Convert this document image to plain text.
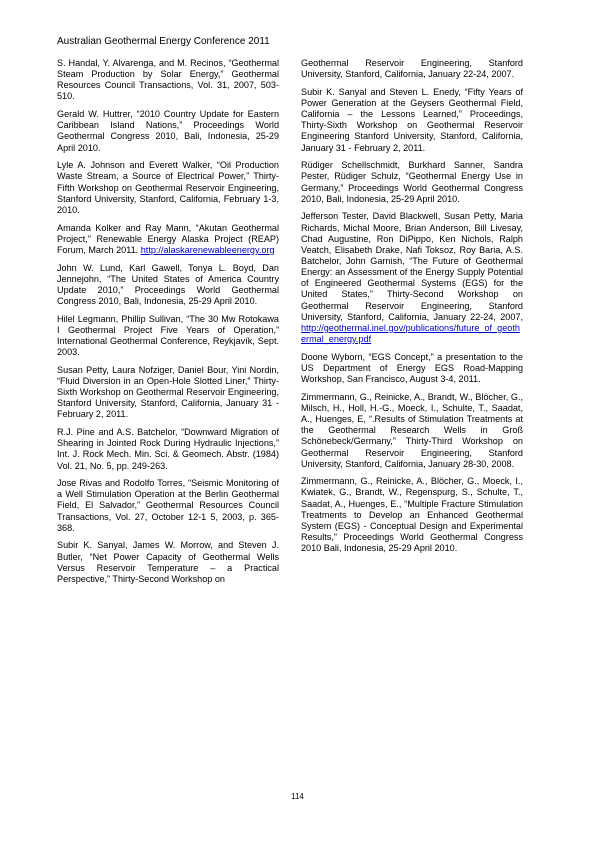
Australian Geothermal Energy Conference 2011

S. Handal, Y. Alvarenga, and M. Recinos, “Geothermal Steam Production by Solar Energy,” Geothermal Resources Council Transactions, Vol. 31, 2007, 503-510.

Gerald W. Huttrer, “2010 Country Update for Eastern Caribbean Island Nations,” Proceedings World Geothermal Congress 2010, Bali, Indonesia, 25-29 April 2010.

Lyle A. Johnson and Everett Walker, “Oil Production Waste Stream, a Source of Electrical Power,” Thirty-Fifth Workshop on Geothermal Reservoir Engineering, Stanford University, Stanford, California, February 1-3, 2010.

Amanda Kolker and Ray Mann, “Akutan Geothermal Project,” Renewable Energy Alaska Project (REAP) Forum, March 2011. http://alaskarenewableenergy.org

John W. Lund, Karl Gawell, Tonya L. Boyd, Dan Jennejohn, “The United States of America Country Update 2010,” Proceedings World Geothermal Congress 2010, Bali, Indonesia, 25-29 April 2010.

Hilel Legmann, Phillip Sullivan, “The 30 Mw Rotokawa I Geothermal Project Five Years of Operation,” International Geothermal Conference, Reykjavík, Sept. 2003.

Susan Petty, Laura Nofziger, Daniel Bour, Yini Nordin, “Fluid Diversion in an Open-Hole Slotted Liner,” Thirty-Sixth Workshop on Geothermal Reservoir Engineering, Stanford University, Stanford, California, January 31 - February 2, 2011.

R.J. Pine and A.S. Batchelor, “Downward Migration of Shearing in Jointed Rock During Hydraulic Injections,” Int. J. Rock Mech. Min. Sci. & Geomech. Abstr. (1984) Vol. 21, No. 5, pp. 249-263.

Jose Rivas and Rodolfo Torres, “Seismic Monitoring of a Well Stimulation Operation at the Berlin Geothermal Field, El Salvador,” Geothermal Resources Council Transactions, Vol. 27, October 12-1 5, 2003, p. 365-368.

Subir K. Sanyal, James W. Morrow, and Steven J. Butler, “Net Power Capacity of Geothermal Wells Versus Reservoir Temperature – a Practical Perspective,” Thirty-Second Workshop on

Geothermal Reservoir Engineering, Stanford University, Stanford, California, January 22-24, 2007.

Subir K. Sanyal and Steven L. Enedy, “Fifty Years of Power Generation at the Geysers Geothermal Field, California – the Lessons Learned,” Proceedings, Thirty-Sixth Workshop on Geothermal Reservoir Engineering Stanford University, Stanford, California, January 31 - February 2, 2011.

Rüdiger Schellschmidt, Burkhard Sanner, Sandra Pester, Rüdiger Schulz, “Geothermal Energy Use in Germany,” Proceedings World Geothermal Congress 2010, Bali, Indonesia, 25-29 April 2010.

Jefferson Tester, David Blackwell, Susan Petty, Maria Richards, Michal Moore, Brian Anderson, Bill Livesay, Chad Augustine, Ron DiPippo, Ken Nichols, Ralph Veatch, Elisabeth Drake, Nafi Toksoz, Roy Baria, A.S. Batchelor, John Garnish, “The Future of Geothermal Energy: an Assessment of the Energy Supply Potential of Engineered Geothermal Systems (EGS) for the United States,” Thirty-Second Workshop on Geothermal Reservoir Engineering, Stanford University, Stanford, California, January 22-24, 2007, http://geothermal.inel.gov/publications/future_of_geothermal_energy.pdf

Doone Wyborn, “EGS Concept,” a presentation to the US Department of Energy EGS Road-Mapping Workshop, San Francisco, August 3-4, 2011.

Zimmermann, G., Reinicke, A., Brandt, W., Blöcher, G., Milsch, H., Holl, H.-G., Moeck, I., Schulte, T., Saadat, A., Huenges, E, “.Results of Stimulation Treatments at the Geothermal Research Wells in Groß Schönebeck/Germany,” Thirty-Third Workshop on Geothermal Reservoir Engineering, Stanford University, Stanford, California, January 28-30, 2008.

Zimmermann, G., Reinicke, A., Blöcher, G., Moeck, I., Kwiatek, G., Brandt, W., Regenspurg, S., Schulte, T., Saadat, A., Huenges, E., “Multiple Fracture Stimulation Treatments to Develop an Enhanced Geothermal System (EGS) - Conceptual Design and Experimental Results,” Proceedings World Geothermal Congress 2010 Bali, Indonesia, 25-29 April 2010.

114
